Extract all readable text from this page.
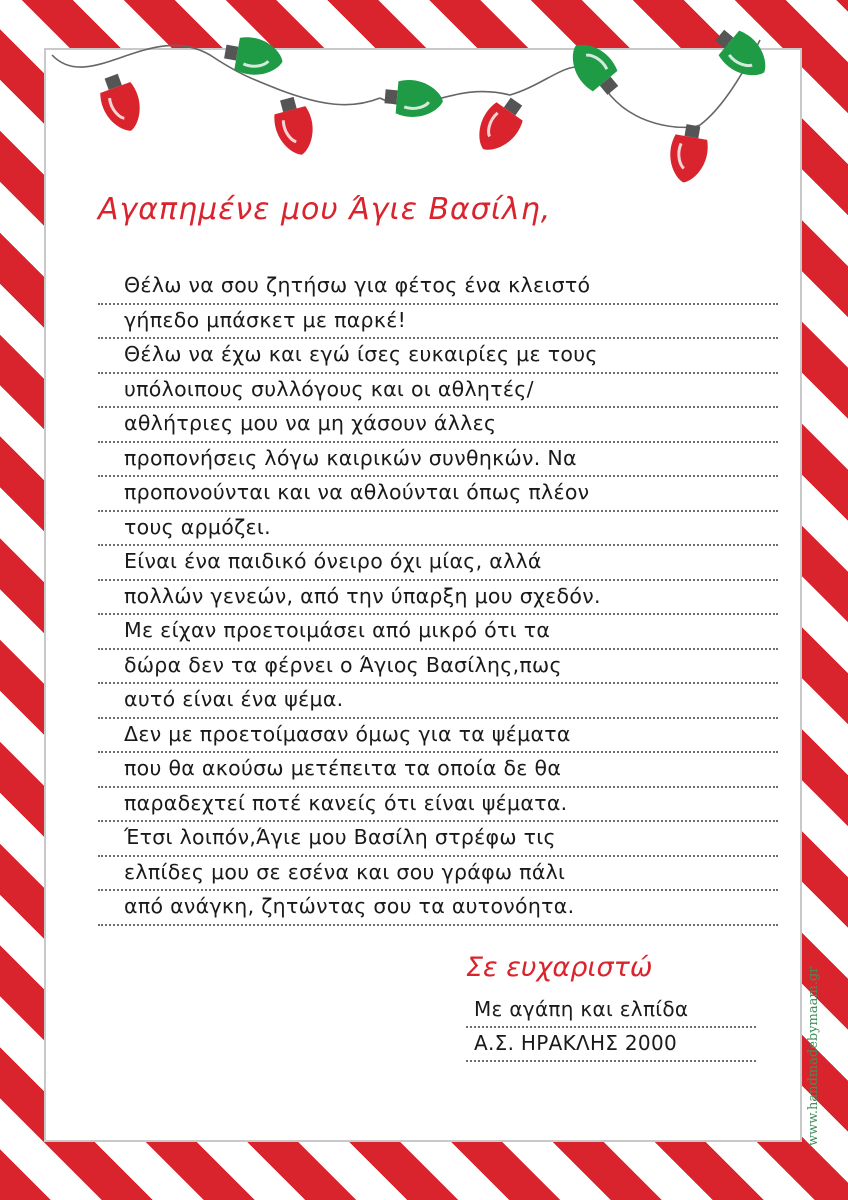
Αγαπημένε μου Άγιε Βασίλη,
Θέλω να σου ζητήσω για φέτος ένα κλειστό
γήπεδο μπάσκετ με παρκέ!
Θέλω να έχω και εγώ ίσες ευκαιρίες με τους
υπόλοιπους συλλόγους και οι αθλητές/
αθλήτριες μου να μη χάσουν άλλες
προπονήσεις λόγω καιρικών συνθηκών. Να
προπονούνται και να αθλούνται όπως πλέον
τους αρμόζει.
Είναι ένα παιδικό όνειρο όχι μίας, αλλά
πολλών γενεών, από την ύπαρξη μου σχεδόν.
Με είχαν προετοιμάσει από μικρό ότι τα
δώρα δεν τα φέρνει ο Άγιος Βασίλης,πως
αυτό είναι ένα ψέμα.
Δεν με προετοίμασαν όμως για τα ψέματα
που θα ακούσω μετέπειτα τα οποία δε θα
παραδεχτεί ποτέ κανείς ότι είναι ψέματα.
Έτσι λοιπόν,Άγιε μου Βασίλη στρέφω τις
ελπίδες μου σε εσένα και σου γράφω πάλι
από ανάγκη, ζητώντας σου τα αυτονόητα.
Σε ευχαριστώ
Με αγάπη και ελπίδα
Α.Σ. ΗΡΑΚΛΗΣ 2000	www.handmadebymaam.gr
